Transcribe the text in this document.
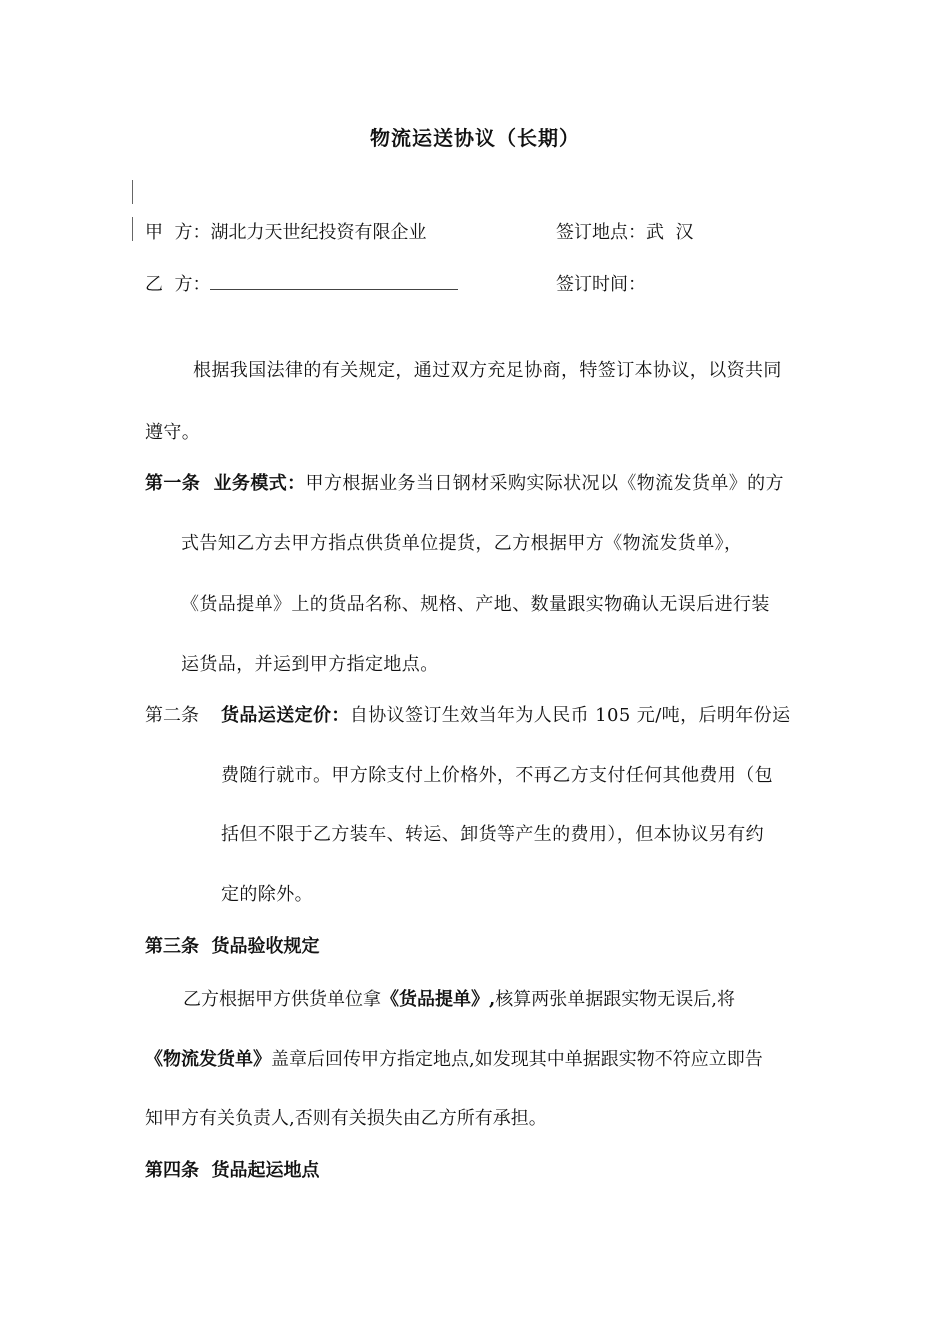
物流运送协议（长期）
甲  方：湖北力天世纪投资有限企业	签订地点：武  汉
乙  方：	签订时间：
根据我国法律的有关规定，通过双方充足协商，特签订本协议，以资共同
遵守。
第一条  业务模式：甲方根据业务当日钢材采购实际状况以《物流发货单》的方
式告知乙方去甲方指点供货单位提货，乙方根据甲方《物流发货单》，
《货品提单》上的货品名称、规格、产地、数量跟实物确认无误后进行装
运货品，并运到甲方指定地点。
第二条 货品运送定价：自协议签订生效当年为人民币 105 元/吨，后明年份运
费随行就市。甲方除支付上价格外，不再乙方支付任何其他费用（包
括但不限于乙方装车、转运、卸货等产生的费用），但本协议另有约
定的除外。
第三条  货品验收规定
乙方根据甲方供货单位拿《货品提单》,核算两张单据跟实物无误后,将
《物流发货单》盖章后回传甲方指定地点,如发现其中单据跟实物不符应立即告
知甲方有关负责人,否则有关损失由乙方所有承担。
第四条  货品起运地点
